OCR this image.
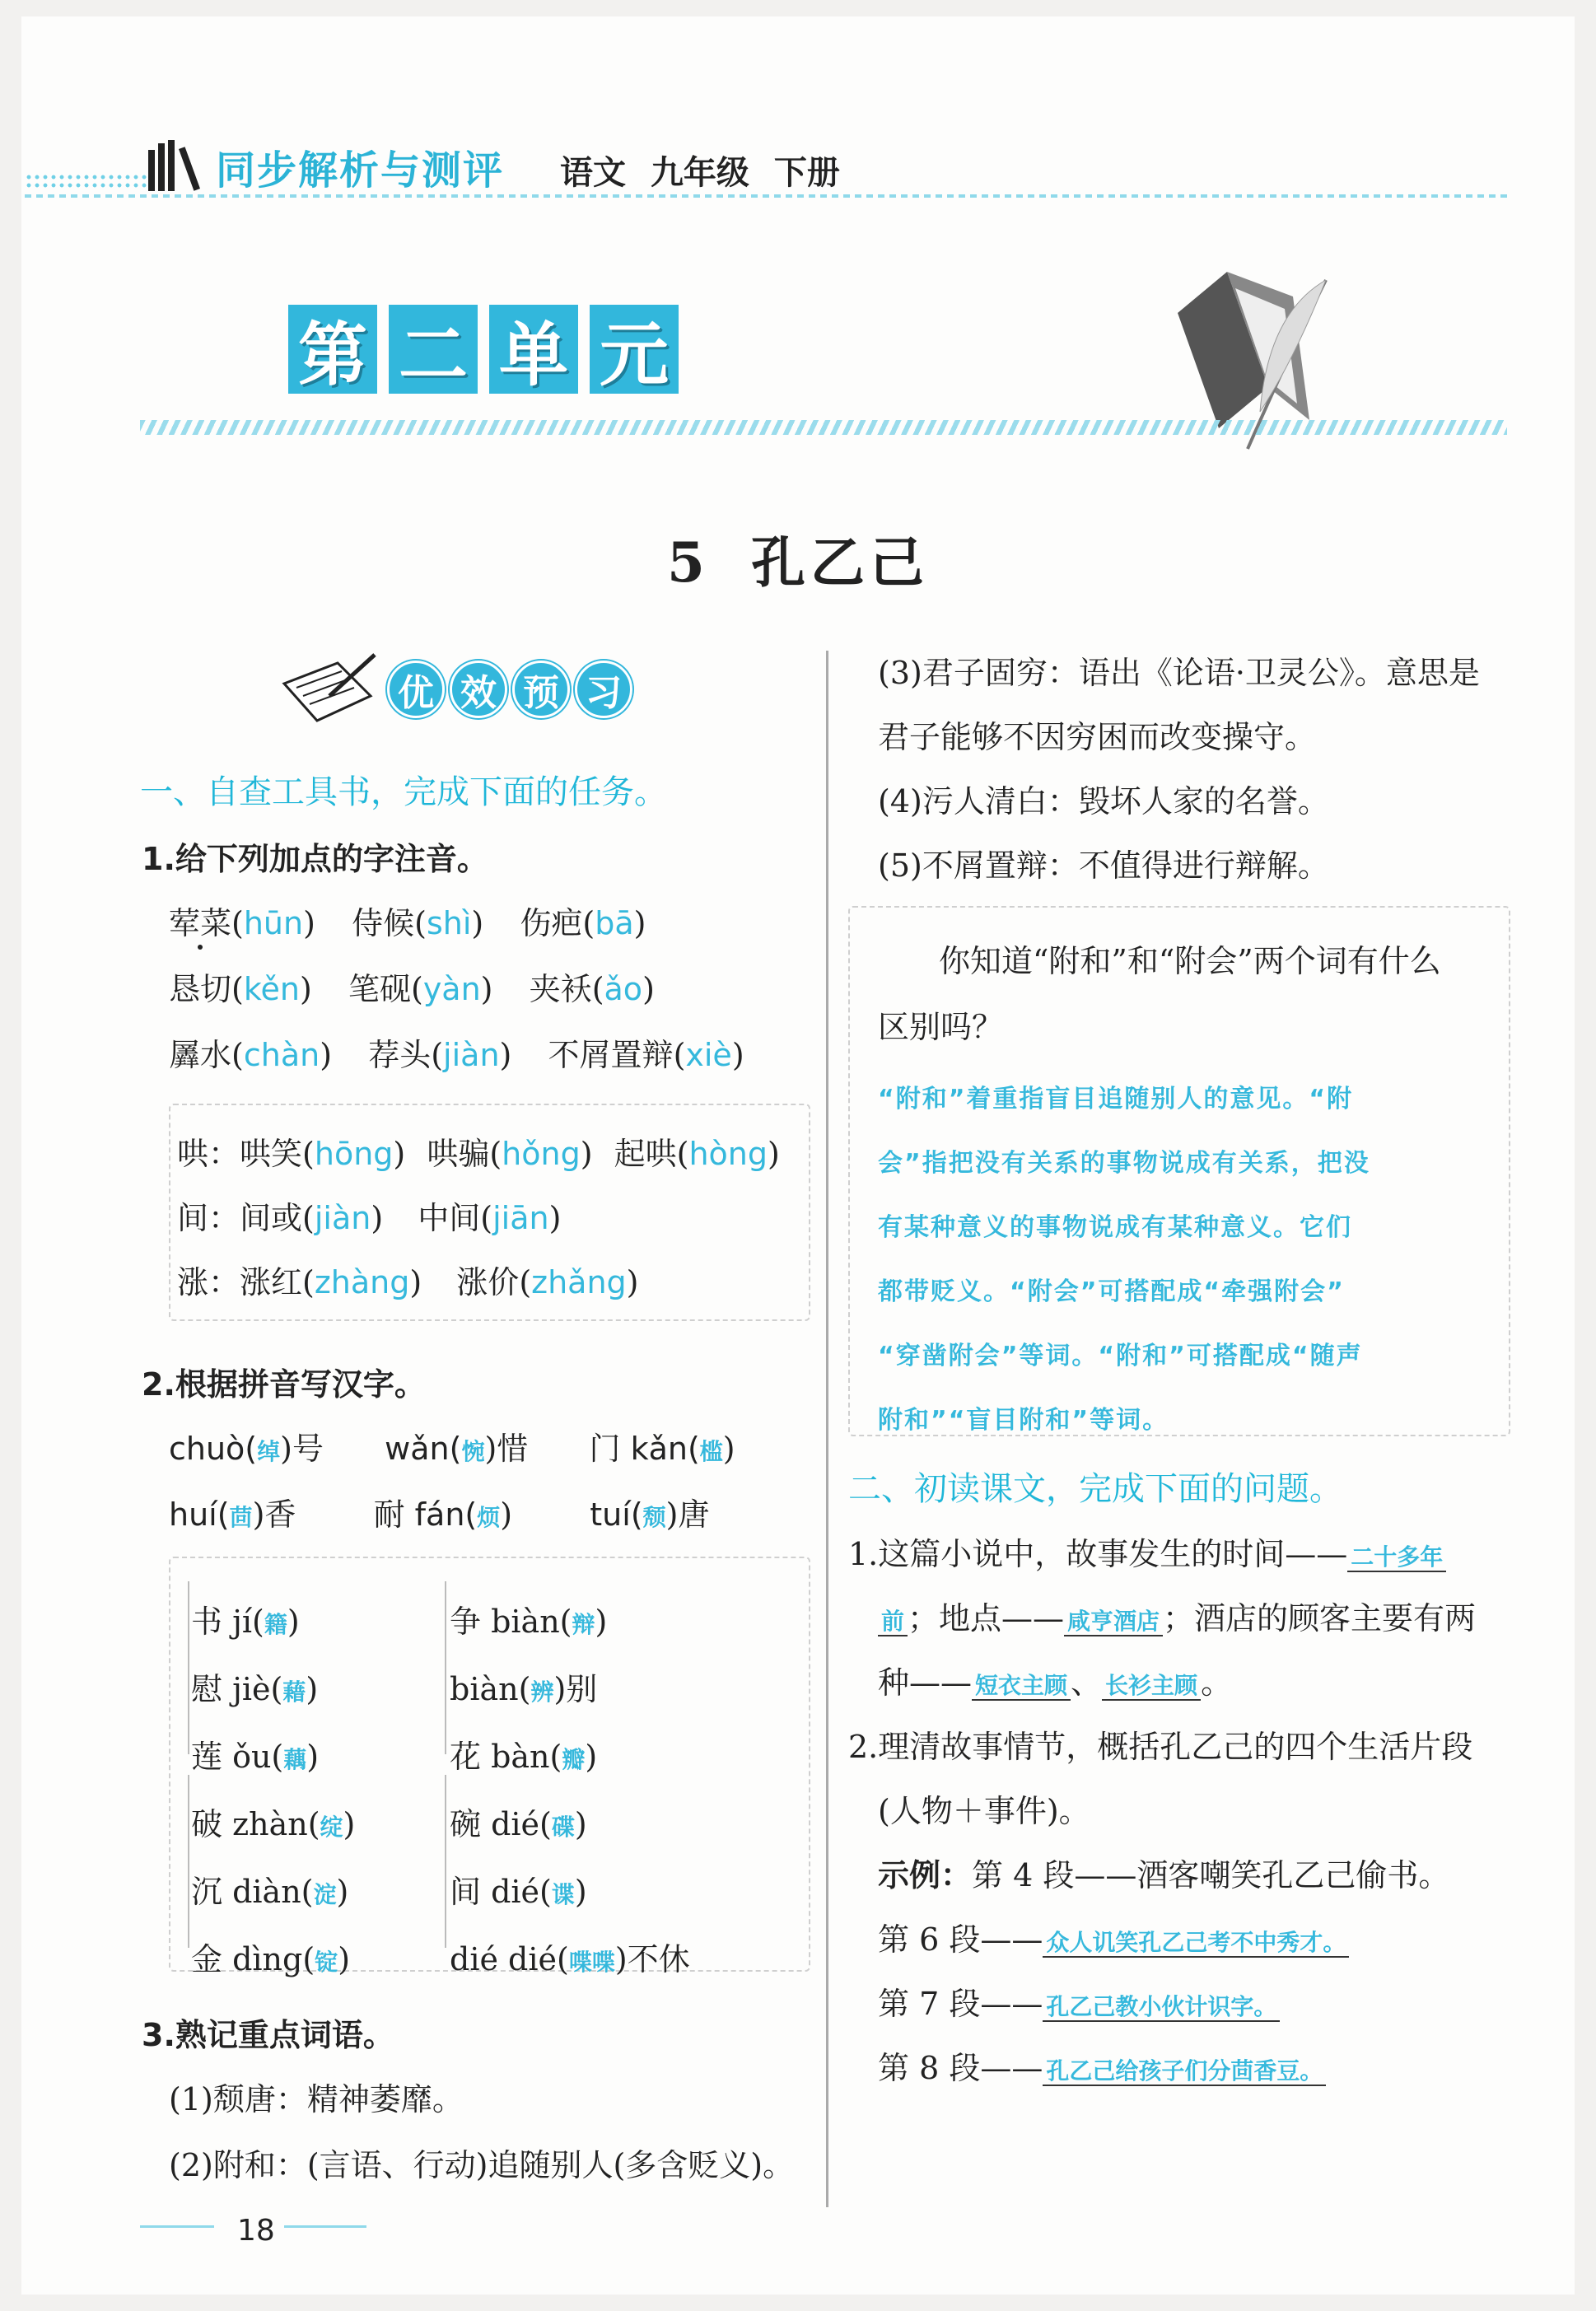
同步解析与测评 语文 九年级 下册
第 二 单 元
5 孔乙己
优 效 预 习
一、自查工具书，完成下面的任务。
1.给下列加点的字注音。
荤菜(hūn)  侍候(shì)  伤疤(bā)
恳切(kěn)  笔砚(yàn)  夹袄(ǎo)
羼水(chàn)  荐头(jiàn)  不屑置辩(xiè)
哄：哄笑(hōng) 哄骗(hǒng) 起哄(hòng)
间：间或(jiàn) 中间(jiān)
涨：涨红(zhàng) 涨价(zhǎng)
2.根据拼音写汉字。
chuò(绰)号 wǎn(惋)惜 门 kǎn(槛)
huí(茴)香 耐 fán(烦) tuí(颓)唐
书 jí(籍)
慰 jiè(藉)
莲 ǒu(藕)
破 zhàn(绽)
沉 diàn(淀)
金 dìng(锭)
争 biàn(辩)
biàn(辨)别
花 bàn(瓣)
碗 dié(碟)
间 dié(谍)
dié dié(喋喋)不休
3.熟记重点词语。
(1)颓唐：精神萎靡。
(2)附和：(言语、行动)追随别人(多含贬义)。
(3)君子固穷：语出《论语·卫灵公》。意思是
君子能够不因穷困而改变操守。
(4)污人清白：毁坏人家的名誉。
(5)不屑置辩：不值得进行辩解。
你知道“附和”和“附会”两个词有什么
区别吗？
“附和”着重指盲目追随别人的意见。“附
会”指把没有关系的事物说成有关系，把没
有某种意义的事物说成有某种意义。它们
都带贬义。“附会”可搭配成“牵强附会”
“穿凿附会”等词。“附和”可搭配成“随声
附和”“盲目附和”等词。
二、初读课文，完成下面的问题。
1.这篇小说中，故事发生的时间—— 二十多年
前 ；地点—— 咸亨酒店 ；酒店的顾客主要有两
种—— 短衣主顾 、 长衫主顾 。
2.理清故事情节，概括孔乙己的四个生活片段
(人物＋事件)。
示例：第 4 段——酒客嘲笑孔乙己偷书。
第 6 段—— 众人讥笑孔乙己考不中秀才。
第 7 段—— 孔乙己教小伙计识字。
第 8 段—— 孔乙己给孩子们分茴香豆。
18
